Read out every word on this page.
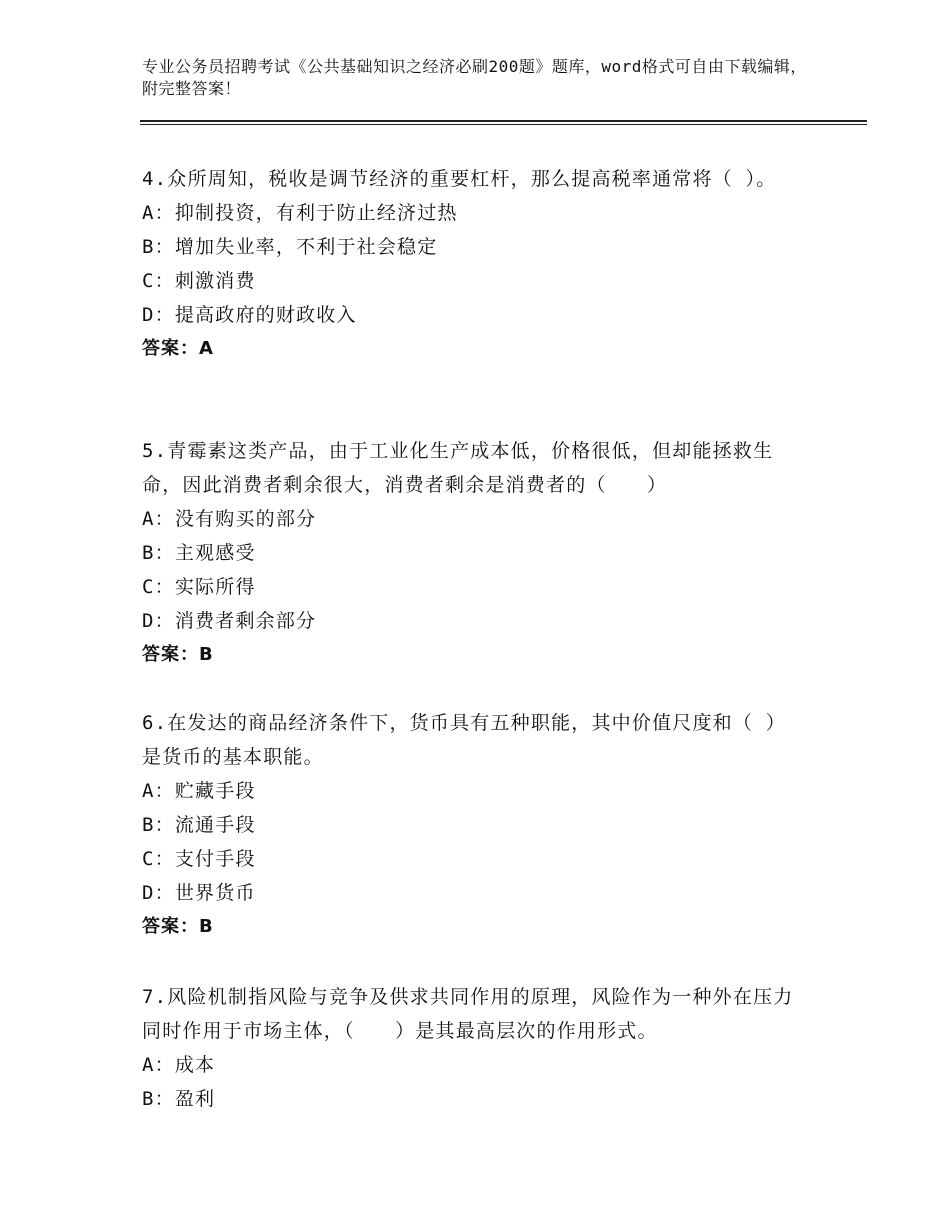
专业公务员招聘考试《公共基础知识之经济必刷200题》题库，word格式可自由下载编辑，附完整答案！
4.众所周知，税收是调节经济的重要杠杆，那么提高税率通常将（ ）。
A：抑制投资，有利于防止经济过热
B：增加失业率，不利于社会稳定
C：刺激消费
D：提高政府的财政收入
答案：A
5.青霉素这类产品，由于工业化生产成本低，价格很低，但却能拯救生命，因此消费者剩余很大，消费者剩余是消费者的（　　）
A：没有购买的部分
B：主观感受
C：实际所得
D：消费者剩余部分
答案：B
6.在发达的商品经济条件下，货币具有五种职能，其中价值尺度和（ ）是货币的基本职能。
A：贮藏手段
B：流通手段
C：支付手段
D：世界货币
答案：B
7.风险机制指风险与竞争及供求共同作用的原理，风险作为一种外在压力同时作用于市场主体，（　　）是其最高层次的作用形式。
A：成本
B：盈利
